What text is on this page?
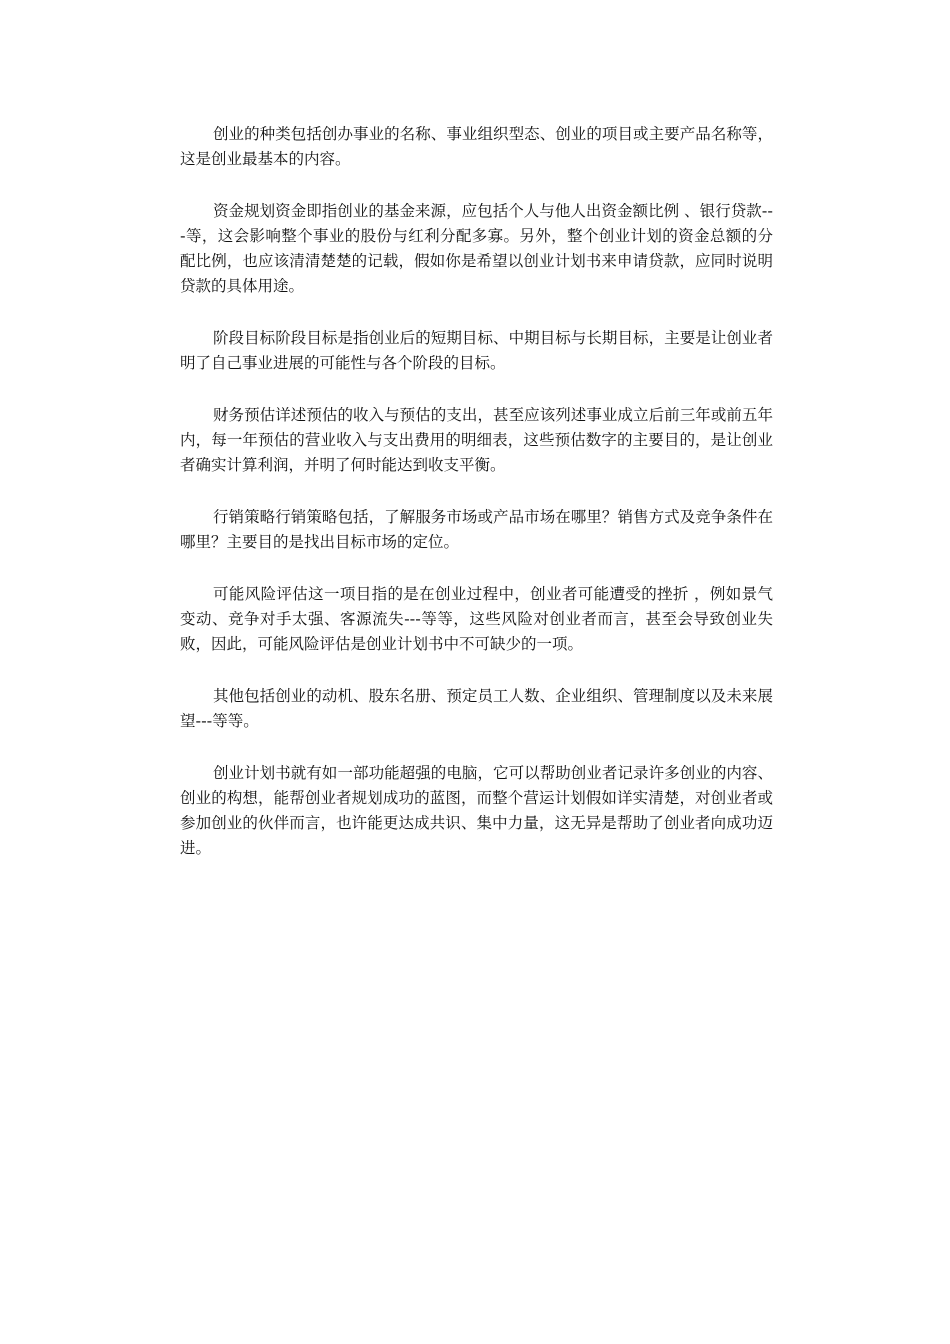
创业的种类包括创办事业的名称、事业组织型态、创业的项目或主要产品名称等，这是创业最基本的内容。

资金规划资金即指创业的基金来源，应包括个人与他人出资金额比例 、银行贷款---等，这会影响整个事业的股份与红利分配多寡。另外，整个创业计划的资金总额的分配比例，也应该清清楚楚的记载，假如你是希望以创业计划书来申请贷款，应同时说明贷款的具体用途。

阶段目标阶段目标是指创业后的短期目标、中期目标与长期目标，主要是让创业者明了自己事业进展的可能性与各个阶段的目标。

财务预估详述预估的收入与预估的支出，甚至应该列述事业成立后前三年或前五年内，每一年预估的营业收入与支出费用的明细表，这些预估数字的主要目的，是让创业者确实计算利润，并明了何时能达到收支平衡。

行销策略行销策略包括，了解服务市场或产品市场在哪里？销售方式及竞争条件在哪里？主要目的是找出目标市场的定位。

可能风险评估这一项目指的是在创业过程中，创业者可能遭受的挫折 ，例如景气变动、竞争对手太强、客源流失---等等，这些风险对创业者而言，甚至会导致创业失败，因此，可能风险评估是创业计划书中不可缺少的一项。

其他包括创业的动机、股东名册、预定员工人数、企业组织、管理制度以及未来展望---等等。

创业计划书就有如一部功能超强的电脑，它可以帮助创业者记录许多创业的内容、创业的构想，能帮创业者规划成功的蓝图，而整个营运计划假如详实清楚，对创业者或参加创业的伙伴而言，也许能更达成共识、集中力量，这无异是帮助了创业者向成功迈进。
